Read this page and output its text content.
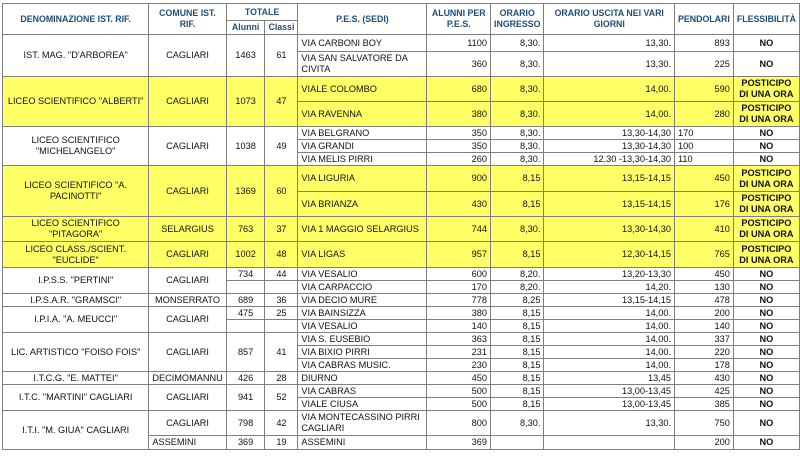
DENOMINAZIONE IST. RIF.	COMUNE IST. RIF.	TOTALE		P.E.S. (SEDI)	ALUNNI PER P.E.S.	ORARIO INGRESSO	ORARIO USCITA NEI VARI GIORNI	PENDOLARI	FLESSIBILITÀ
		Alunni	Classi						
IST. MAG. "D'ARBOREA"	CAGLIARI	1463	61	VIA CARBONI BOY	1100	8,30.	13,30.	893	NO
				VIA SAN SALVATORE DA CIVITA	360	8,30.	13,30.	225	NO
LICEO SCIENTIFICO "ALBERTI"	CAGLIARI	1073	47	VIALE COLOMBO	680	8,30.	14,00.	590	POSTICIPO DI UNA ORA
				VIA RAVENNA	380	8,30.	14,00.	280	POSTICIPO DI UNA ORA
LICEO SCIENTIFICO "MICHELANGELO"	CAGLIARI	1038	49	VIA BELGRANO	350	8,30.	13,30-14,30	170	NO
				VIA GRANDI	350	8,30.	13,30-14,30	100	NO
				VIA MELIS PIRRI	260	8,30.	12,30 -13,30-14,30	110	NO
LICEO SCIENTIFICO "A. PACINOTTI"	CAGLIARI	1369	60	VIA LIGURIA	900	8,15	13,15-14,15	450	POSTICIPO DI UNA ORA
				VIA BRIANZA	430	8,15	13,15-14,15	176	POSTICIPO DI UNA ORA
LICEO SCIENTIFICO "PITAGORA"	SELARGIUS	763	37	VIA 1 MAGGIO SELARGIUS	744	8,30.	13,30-14,30	410	POSTICIPO DI UNA ORA
LICEO CLASS./SCIENT. "EUCLIDE"	CAGLIARI	1002	48	VIA LIGAS	957	8,15	12,30-14,15	765	POSTICIPO DI UNA ORA
I.P.S.S. "PERTINI"	CAGLIARI	734	44	VIA VESALIO	600	8,20.	13,20-13,30	450	NO
				VIA CARPACCIO	170	8,20.	14,20.	130	NO
I.P.S.A.R. "GRAMSCI"	MONSERRATO	689	36	VIA DECIO MURE	778	8,25	13,15-14,15	478	NO
I.P.I.A. "A. MEUCCI"	CAGLIARI	475	25	VIA BAINSIZZA	380	8,15	14,00.	200	NO
				VIA VESALIO	140	8,15	14,00.	140	NO
LIC. ARTISTICO "FOISO FOIS"	CAGLIARI	857	41	VIA S. EUSEBIO	363	8,15	14,00.	337	NO
				VIA BIXIO PIRRI	231	8,15	14,00.	220	NO
				VIA CABRAS MUSIC.	230	8,15	14,00.	178	NO
I.T.C.G. "E. MATTEI"	DECIMOMANNU	426	28	DIURNO	450	8,15	13,45	430	NO
I.T.C. "MARTINI" CAGLIARI	CAGLIARI	941	52	VIA CABRAS	500	8,15	13,00-13,45	425	NO
				VIALE CIUSA	500	8,15	13,00-13,45	385	NO
I.T.I. "M. GIUA" CAGLIARI	CAGLIARI	798	42	VIA MONTECASSINO PIRRI CAGLIARI	800	8,30.	13,30.	750	NO
	ASSEMINI	369	19	ASSEMINI	369			200	NO
